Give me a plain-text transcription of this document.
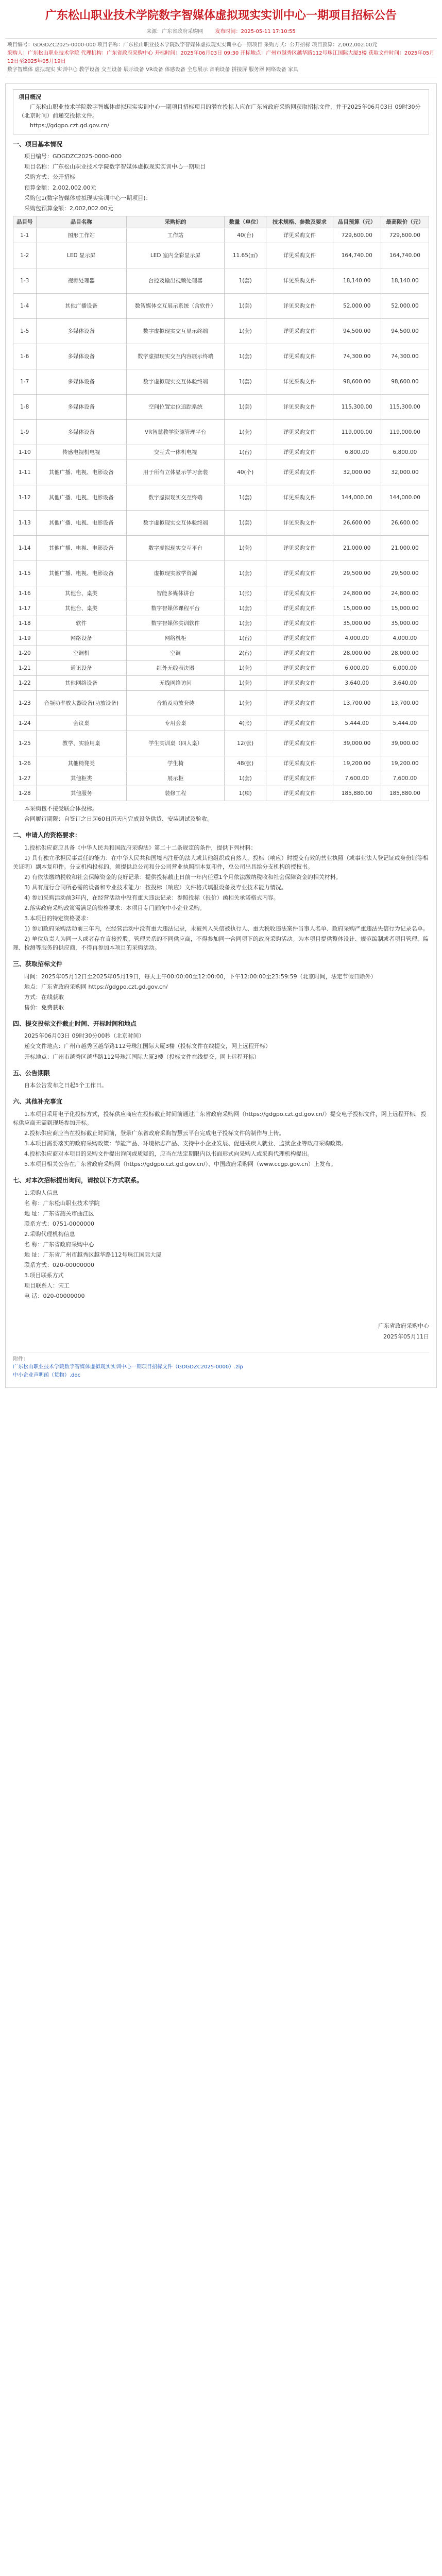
广东松山职业技术学院数字智媒体虚拟现实实训中心一期项目招标公告
来源：广东省政府采购网 发布时间：2025-05-11 17:10:55
项目编号：GDGDZC2025-0000-000 项目名称：广东松山职业技术学院数字智媒体虚拟现实实训中心一期项目 采购方式：公开招标 项目预算：2,002,002.00元
采购人：广东松山职业技术学院 代理机构：广东省政府采购中心 开标时间：2025年06月03日 09:30 开标地点：广州市越秀区越华路112号珠江国际大厦3楼 获取文件时间：2025年05月12日至2025年05月19日
数字智媒体 虚拟现实 实训中心 教学设备 交互设备 展示设备 VR设备 体感设备 全息展示 音响设备 拼接屏 服务器 网络设备 家具
项目概况

广东松山职业技术学院数字智媒体虚拟现实实训中心一期项目招标项目的潜在投标人应在广东省政府采购网获取招标文件，并于2025年06月03日 09时30分（北京时间）前递交投标文件。

https://gdgpo.czt.gd.gov.cn/

一、项目基本情况

项目编号：GDGDZC2025-0000-000

项目名称：广东松山职业技术学院数字智媒体虚拟现实实训中心一期项目

采购方式：公开招标

预算金额：2,002,002.00元

采购包1(数字智媒体虚拟现实实训中心一期项目)：

采购包预算金额：2,002,002.00元

品目号	品目名称	采购标的	数量（单位）	技术规格、参数及要求	品目预算（元）	最高限价（元）
1-1	图形工作站	工作站	40(台)	详见采购文件	729,600.00	729,600.00
1-2	LED 显示屏	LED 室内全彩显示屏	11.65(㎡)	详见采购文件	164,740.00	164,740.00
1-3	视频处理器	台控及输出视频处理器	1(套)	详见采购文件	18,140.00	18,140.00
1-4	其他广播设备	数智媒体交互展示系统（含软件）	1(套)	详见采购文件	52,000.00	52,000.00
1-5	多媒体设备	数字虚拟现实交互显示终端	1(套)	详见采购文件	94,500.00	94,500.00
1-6	多媒体设备	数字虚拟现实交互内容展示终端	1(套)	详见采购文件	74,300.00	74,300.00
1-7	多媒体设备	数字虚拟现实交互体验终端	1(套)	详见采购文件	98,600.00	98,600.00
1-8	多媒体设备	空间位置定位追踪系统	1(套)	详见采购文件	115,300.00	115,300.00
1-9	多媒体设备	VR智慧教学资源管理平台	1(套)	详见采购文件	119,000.00	119,000.00
1-10	传感电视机电视	交互式一体机电视	1(台)	详见采购文件	6,800.00	6,800.00
1-11	其他广播、电视、电影设备	用于所有立体显示学习套装	40(个)	详见采购文件	32,000.00	32,000.00
1-12	其他广播、电视、电影设备	数字虚拟现实交互终端	1(套)	详见采购文件	144,000.00	144,000.00
1-13	其他广播、电视、电影设备	数字虚拟现实交互体验终端	1(套)	详见采购文件	26,600.00	26,600.00
1-14	其他广播、电视、电影设备	数字虚拟现实交互平台	1(套)	详见采购文件	21,000.00	21,000.00
1-15	其他广播、电视、电影设备	虚拟现实教学资源	1(套)	详见采购文件	29,500.00	29,500.00
1-16	其他台、桌类	智能多媒体讲台	1(张)	详见采购文件	24,800.00	24,800.00
1-17	其他台、桌类	数字智媒体课程平台	1(套)	详见采购文件	15,000.00	15,000.00
1-18	软件	数字智媒体实训软件	1(套)	详见采购文件	35,000.00	35,000.00
1-19	网络设备	网络机柜	1(台)	详见采购文件	4,000.00	4,000.00
1-20	空调机	空调	2(台)	详见采购文件	28,000.00	28,000.00
1-21	通讯设备	红外无线表决器	1(套)	详见采购文件	6,000.00	6,000.00
1-22	其他网络设备	无线网络访问	1(套)	详见采购文件	3,640.00	3,640.00
1-23	音频功率放大器设备(功放设备)	音箱及功放套装	1(套)	详见采购文件	13,700.00	13,700.00
1-24	会议桌	专用会桌	4(张)	详见采购文件	5,444.00	5,444.00
1-25	教学、实验用桌	学生实训桌（四人桌）	12(张)	详见采购文件	39,000.00	39,000.00
1-26	其他椅凳类	学生椅	48(张)	详见采购文件	19,200.00	19,200.00
1-27	其他柜类	展示柜	1(套)	详见采购文件	7,600.00	7,600.00
1-28	其他服务	装修工程	1(项)	详见采购文件	185,880.00	185,880.00

本采购包不接受联合体投标。

合同履行期限：自签订之日起60日历天内完成设备供货、安装调试及验收。

二、申请人的资格要求：

1.投标供应商应具备《中华人民共和国政府采购法》第二十二条规定的条件，提供下列材料：

1) 具有独立承担民事责任的能力：在中华人民共和国境内注册的法人或其他组织或自然人，投标（响应）时提交有效的营业执照（或事业法人登记证或身份证等相关证明）副本复印件。分支机构投标的，须提供总公司和分公司营业执照副本复印件，总公司出具给分支机构的授权书。

2) 有依法缴纳税收和社会保障资金的良好记录：提供投标截止日前一年内任意1个月依法缴纳税收和社会保障资金的相关材料。

3) 具有履行合同所必需的设备和专业技术能力：按投标（响应）文件格式填报设备及专业技术能力情况。

4) 参加采购活动前3年内，在经营活动中没有重大违法记录：参照投标（报价）函相关承诺格式内容。

2.落实政府采购政策需满足的资格要求：本项目专门面向中小企业采购。

3.本项目的特定资格要求：

1) 参加政府采购活动前三年内，在经营活动中没有重大违法记录，未被列入失信被执行人、重大税收违法案件当事人名单、政府采购严重违法失信行为记录名单。

2) 单位负责人为同一人或者存在直接控股、管理关系的不同供应商，不得参加同一合同项下的政府采购活动。为本项目提供整体设计、规范编制或者项目管理、监理、检测等服务的供应商，不得再参加本项目的采购活动。

三、获取招标文件

时间：2025年05月12日至2025年05月19日，每天上午00:00:00至12:00:00，下午12:00:00至23:59:59（北京时间，法定节假日除外）

地点：广东省政府采购网 https://gdgpo.czt.gd.gov.cn/

方式：在线获取

售价：免费获取

四、提交投标文件截止时间、开标时间和地点

2025年06月03日 09时30分00秒（北京时间）

递交文件地点：广州市越秀区越华路112号珠江国际大厦3楼（投标文件在线提交，网上远程开标）

开标地点：广州市越秀区越华路112号珠江国际大厦3楼（投标文件在线提交，网上远程开标）

五、公告期限

自本公告发布之日起5个工作日。

六、其他补充事宜

1.本项目采用电子化投标方式，投标供应商应在投标截止时间前通过广东省政府采购网（https://gdgpo.czt.gd.gov.cn/）提交电子投标文件，网上远程开标，投标供应商无需到现场参加开标。

2.投标供应商应当在投标截止时间前，登录广东省政府采购智慧云平台完成电子投标文件的制作与上传。

3.本项目需要落实的政府采购政策：节能产品、环境标志产品、支持中小企业发展、促进残疾人就业、监狱企业等政府采购政策。

4.投标供应商对本项目的采购文件提出询问或质疑的，应当在法定期限内以书面形式向采购人或采购代理机构提出。

5.本项目相关公告在广东省政府采购网（https://gdgpo.czt.gd.gov.cn/）、中国政府采购网（www.ccgp.gov.cn）上发布。

七、对本次招标提出询问，请按以下方式联系。

1.采购人信息

名 称：广东松山职业技术学院

地 址：广东省韶关市曲江区

联系方式：0751-0000000

2.采购代理机构信息

名 称：广东省政府采购中心

地 址：广东省广州市越秀区越华路112号珠江国际大厦

联系方式：020-00000000

3.项目联系方式

项目联系人：宋工

电 话：020-00000000

广东省政府采购中心
2025年05月11日
附件：
广东松山职业技术学院数字智媒体虚拟现实实训中心一期项目招标文件（GDGDZC2025-0000）.zip
中小企业声明函（货物）.doc
